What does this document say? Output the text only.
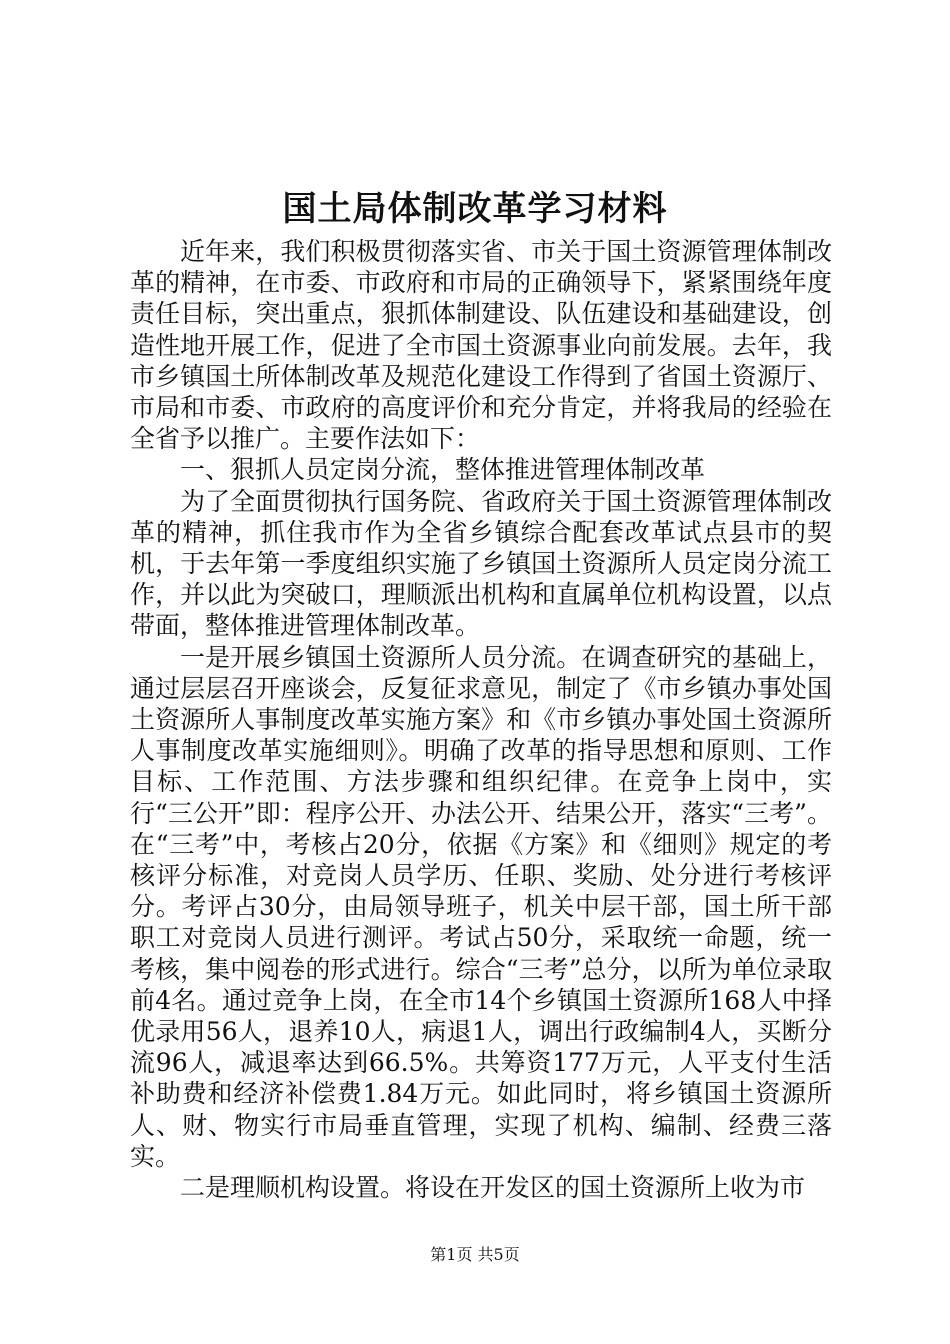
国土局体制改革学习材料

近年来，我们积极贯彻落实省、市关于国土资源管理体制改革的精神，在市委、市政府和市局的正确领导下，紧紧围绕年度责任目标，突出重点，狠抓体制建设、队伍建设和基础建设，创造性地开展工作，促进了全市国土资源事业向前发展。去年，我市乡镇国土所体制改革及规范化建设工作得到了省国土资源厅、市局和市委、市政府的高度评价和充分肯定，并将我局的经验在全省予以推广。主要作法如下：

一、狠抓人员定岗分流，整体推进管理体制改革

为了全面贯彻执行国务院、省政府关于国土资源管理体制改革的精神，抓住我市作为全省乡镇综合配套改革试点县市的契机，于去年第一季度组织实施了乡镇国土资源所人员定岗分流工作，并以此为突破口，理顺派出机构和直属单位机构设置，以点带面，整体推进管理体制改革。

一是开展乡镇国土资源所人员分流。在调查研究的基础上，通过层层召开座谈会，反复征求意见，制定了《市乡镇办事处国土资源所人事制度改革实施方案》和《市乡镇办事处国土资源所人事制度改革实施细则》。明确了改革的指导思想和原则、工作目标、工作范围、方法步骤和组织纪律。在竞争上岗中，实行“三公开”即：程序公开、办法公开、结果公开，落实“三考”。在“三考”中，考核占20分，依据《方案》和《细则》规定的考核评分标准，对竞岗人员学历、任职、奖励、处分进行考核评分。考评占30分，由局领导班子，机关中层干部，国土所干部职工对竞岗人员进行测评。考试占50分，采取统一命题，统一考核，集中阅卷的形式进行。综合“三考”总分，以所为单位录取前4名。通过竞争上岗，在全市14个乡镇国土资源所168人中择优录用56人，退养10人，病退1人，调出行政编制4人，买断分流96人，减退率达到66.5%。共筹资177万元，人平支付生活补助费和经济补偿费1.84万元。如此同时，将乡镇国土资源所人、财、物实行市局垂直管理，实现了机构、编制、经费三落实。

二是理顺机构设置。将设在开发区的国土资源所上收为市

第1页 共5页
